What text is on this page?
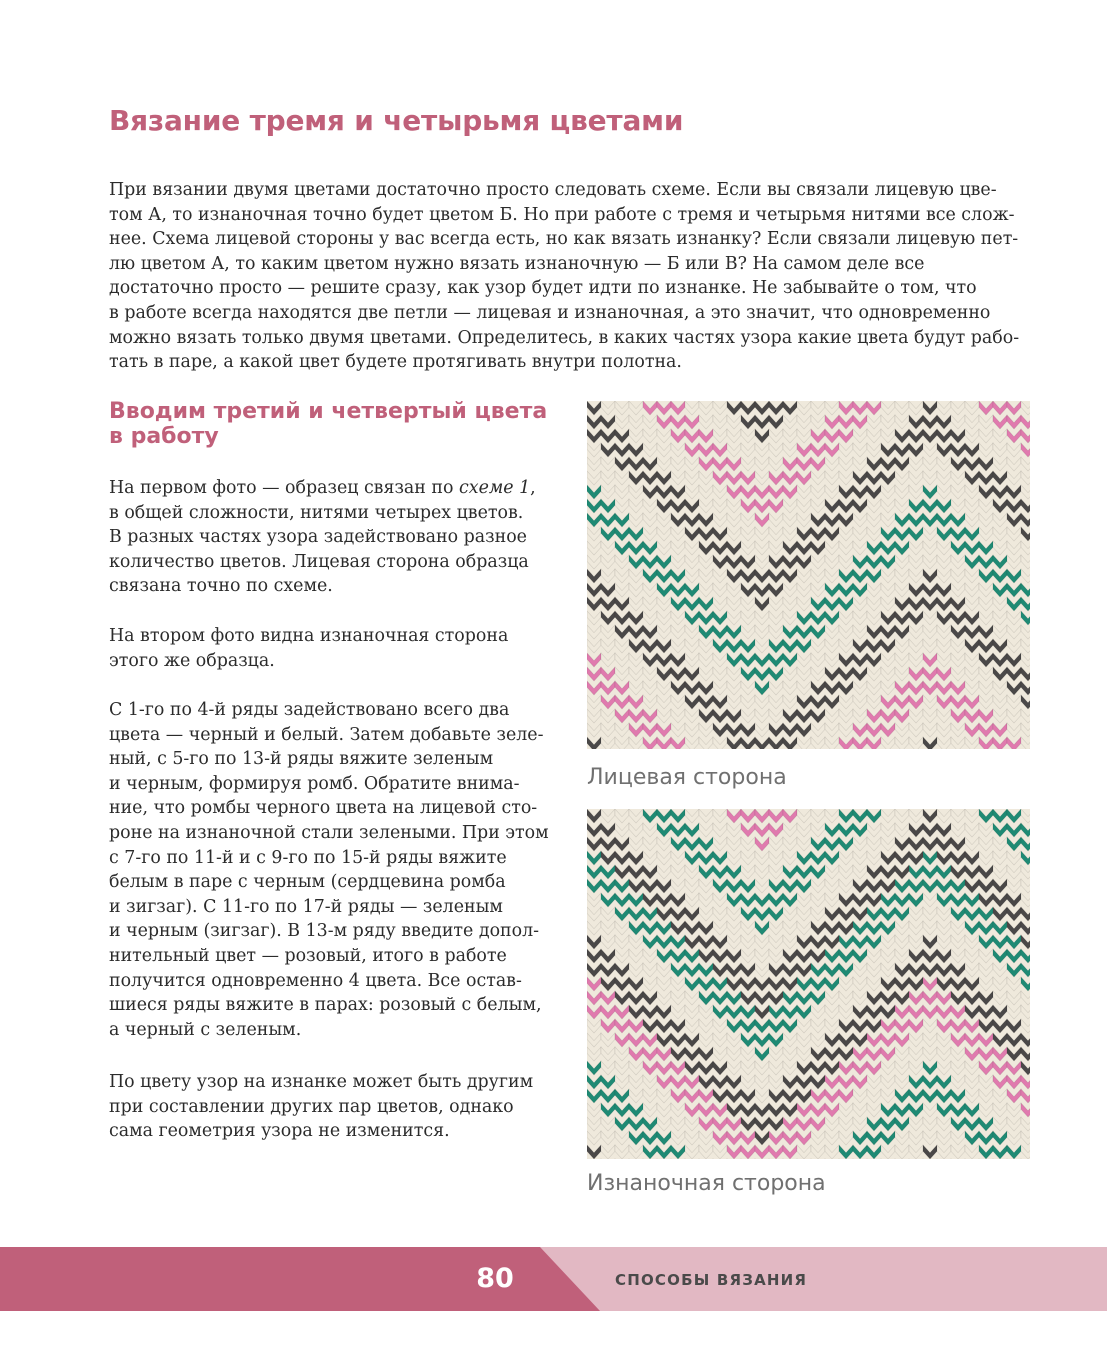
Вязание тремя и четырьмя цветами

При вязании двумя цветами достаточно просто следовать схеме. Если вы связали лицевую цве-
том А, то изнаночная точно будет цветом Б. Но при работе с тремя и четырьмя нитями все слож-
нее. Схема лицевой стороны у вас всегда есть, но как вязать изнанку? Если связали лицевую пет-
лю цветом А, то каким цветом нужно вязать изнаночную — Б или В? На самом деле все
достаточно просто — решите сразу, как узор будет идти по изнанке. Не забывайте о том, что
в работе всегда находятся две петли — лицевая и изнаночная, а это значит, что одновременно
можно вязать только двумя цветами. Определитесь, в каких частях узора какие цвета будут рабо-
тать в паре, а какой цвет будете протягивать внутри полотна.

Вводим третий и четвертый цвета
в работу

На первом фото — образец связан по схеме 1,
в общей сложности, нитями четырех цветов.
В разных частях узора задействовано разное
количество цветов. Лицевая сторона образца
связана точно по схеме.

На втором фото видна изнаночная сторона
этого же образца.

С 1-го по 4-й ряды задействовано всего два
цвета — черный и белый. Затем добавьте зеле-
ный, с 5-го по 13-й ряды вяжите зеленым
и черным, формируя ромб. Обратите внима-
ние, что ромбы черного цвета на лицевой сто-
роне на изнаночной стали зелеными. При этом
с 7-го по 11-й и с 9-го по 15-й ряды вяжите
белым в паре с черным (сердцевина ромба
и зигзаг). С 11-го по 17-й ряды — зеленым
и черным (зигзаг). В 13-м ряду введите допол-
нительный цвет — розовый, итого в работе
получится одновременно 4 цвета. Все остав-
шиеся ряды вяжите в парах: розовый с белым,
а черный с зеленым.

По цвету узор на изнанке может быть другим
при составлении других пар цветов, однако
сама геометрия узора не изменится.

Лицевая сторона

Изнаночная сторона

80	СПОСОБЫ ВЯЗАНИЯ
